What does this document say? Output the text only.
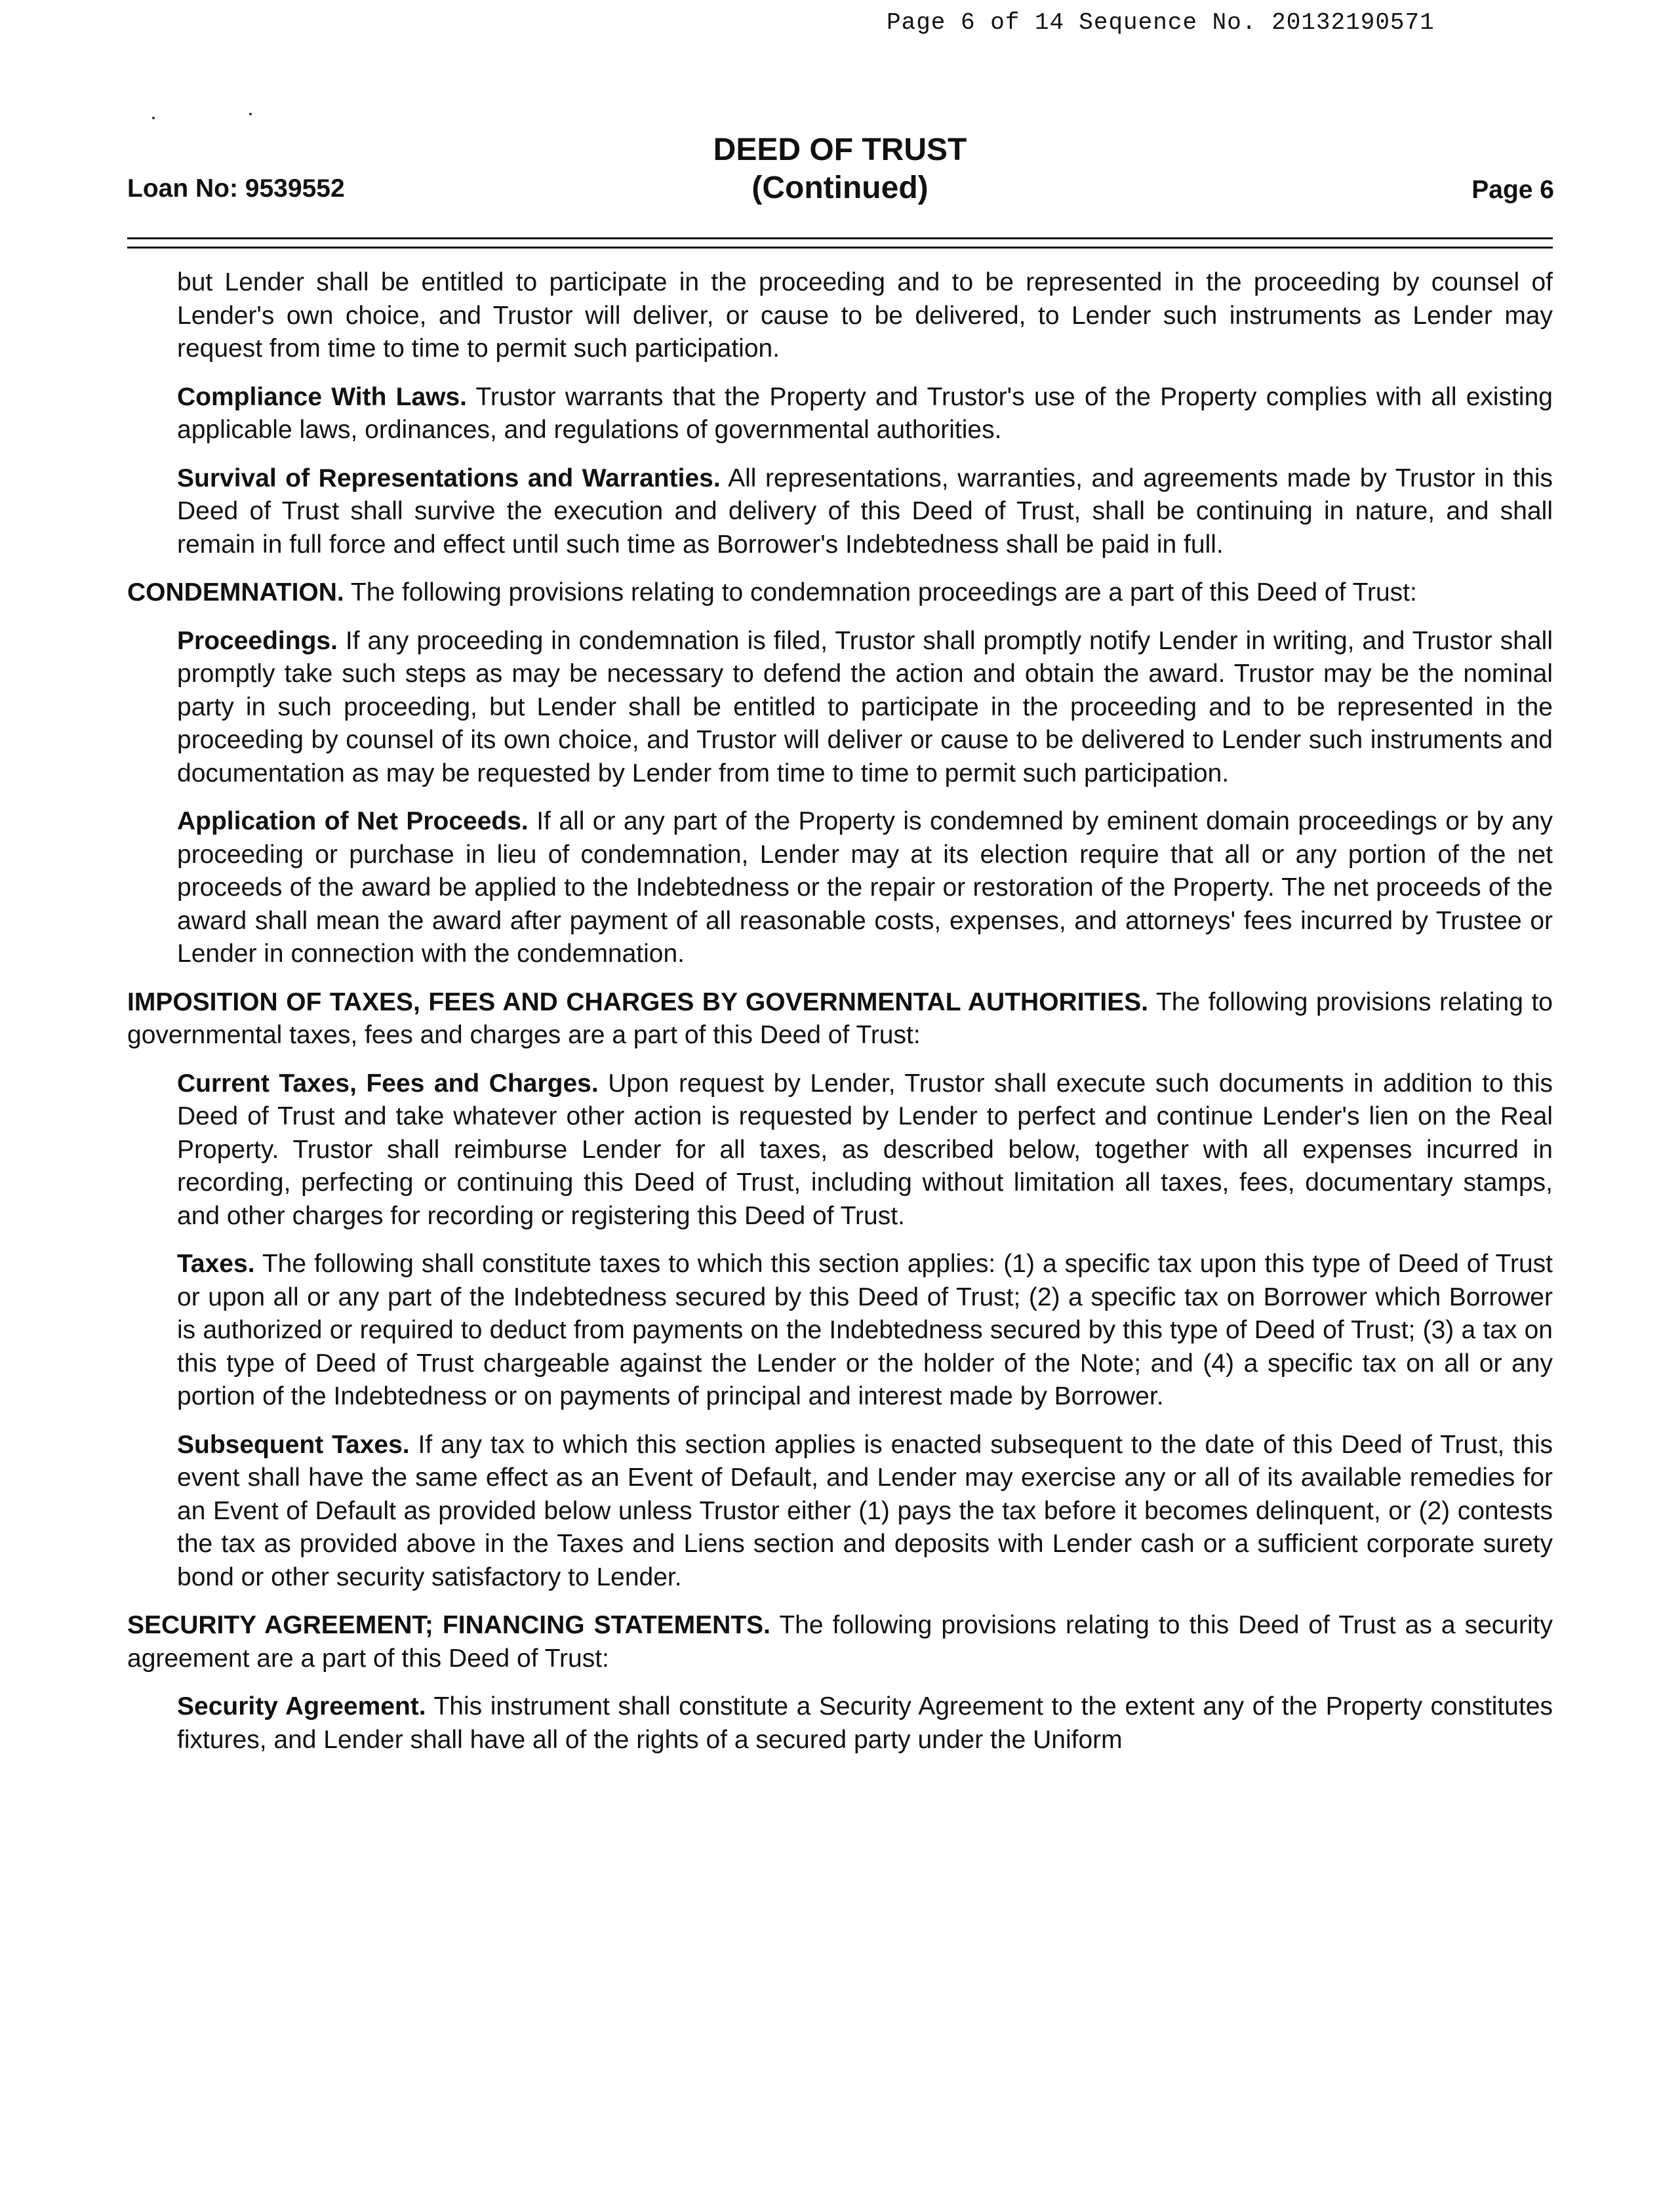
Page 6 of 14 Sequence No. 20132190571
DEED OF TRUST
(Continued)
Loan No: 9539552	Page 6

but Lender shall be entitled to participate in the proceeding and to be represented in the proceeding by counsel of Lender's own choice, and Trustor will deliver, or cause to be delivered, to Lender such instruments as Lender may request from time to time to permit such participation.

Compliance With Laws. Trustor warrants that the Property and Trustor's use of the Property complies with all existing applicable laws, ordinances, and regulations of governmental authorities.

Survival of Representations and Warranties. All representations, warranties, and agreements made by Trustor in this Deed of Trust shall survive the execution and delivery of this Deed of Trust, shall be continuing in nature, and shall remain in full force and effect until such time as Borrower's Indebtedness shall be paid in full.

CONDEMNATION. The following provisions relating to condemnation proceedings are a part of this Deed of Trust:

Proceedings. If any proceeding in condemnation is filed, Trustor shall promptly notify Lender in writing, and Trustor shall promptly take such steps as may be necessary to defend the action and obtain the award. Trustor may be the nominal party in such proceeding, but Lender shall be entitled to participate in the proceeding and to be represented in the proceeding by counsel of its own choice, and Trustor will deliver or cause to be delivered to Lender such instruments and documentation as may be requested by Lender from time to time to permit such participation.

Application of Net Proceeds. If all or any part of the Property is condemned by eminent domain proceedings or by any proceeding or purchase in lieu of condemnation, Lender may at its election require that all or any portion of the net proceeds of the award be applied to the Indebtedness or the repair or restoration of the Property. The net proceeds of the award shall mean the award after payment of all reasonable costs, expenses, and attorneys' fees incurred by Trustee or Lender in connection with the condemnation.

IMPOSITION OF TAXES, FEES AND CHARGES BY GOVERNMENTAL AUTHORITIES. The following provisions relating to governmental taxes, fees and charges are a part of this Deed of Trust:

Current Taxes, Fees and Charges. Upon request by Lender, Trustor shall execute such documents in addition to this Deed of Trust and take whatever other action is requested by Lender to perfect and continue Lender's lien on the Real Property. Trustor shall reimburse Lender for all taxes, as described below, together with all expenses incurred in recording, perfecting or continuing this Deed of Trust, including without limitation all taxes, fees, documentary stamps, and other charges for recording or registering this Deed of Trust.

Taxes. The following shall constitute taxes to which this section applies: (1) a specific tax upon this type of Deed of Trust or upon all or any part of the Indebtedness secured by this Deed of Trust; (2) a specific tax on Borrower which Borrower is authorized or required to deduct from payments on the Indebtedness secured by this type of Deed of Trust; (3) a tax on this type of Deed of Trust chargeable against the Lender or the holder of the Note; and (4) a specific tax on all or any portion of the Indebtedness or on payments of principal and interest made by Borrower.

Subsequent Taxes. If any tax to which this section applies is enacted subsequent to the date of this Deed of Trust, this event shall have the same effect as an Event of Default, and Lender may exercise any or all of its available remedies for an Event of Default as provided below unless Trustor either (1) pays the tax before it becomes delinquent, or (2) contests the tax as provided above in the Taxes and Liens section and deposits with Lender cash or a sufficient corporate surety bond or other security satisfactory to Lender.

SECURITY AGREEMENT; FINANCING STATEMENTS. The following provisions relating to this Deed of Trust as a security agreement are a part of this Deed of Trust:

Security Agreement. This instrument shall constitute a Security Agreement to the extent any of the Property constitutes fixtures, and Lender shall have all of the rights of a secured party under the Uniform
